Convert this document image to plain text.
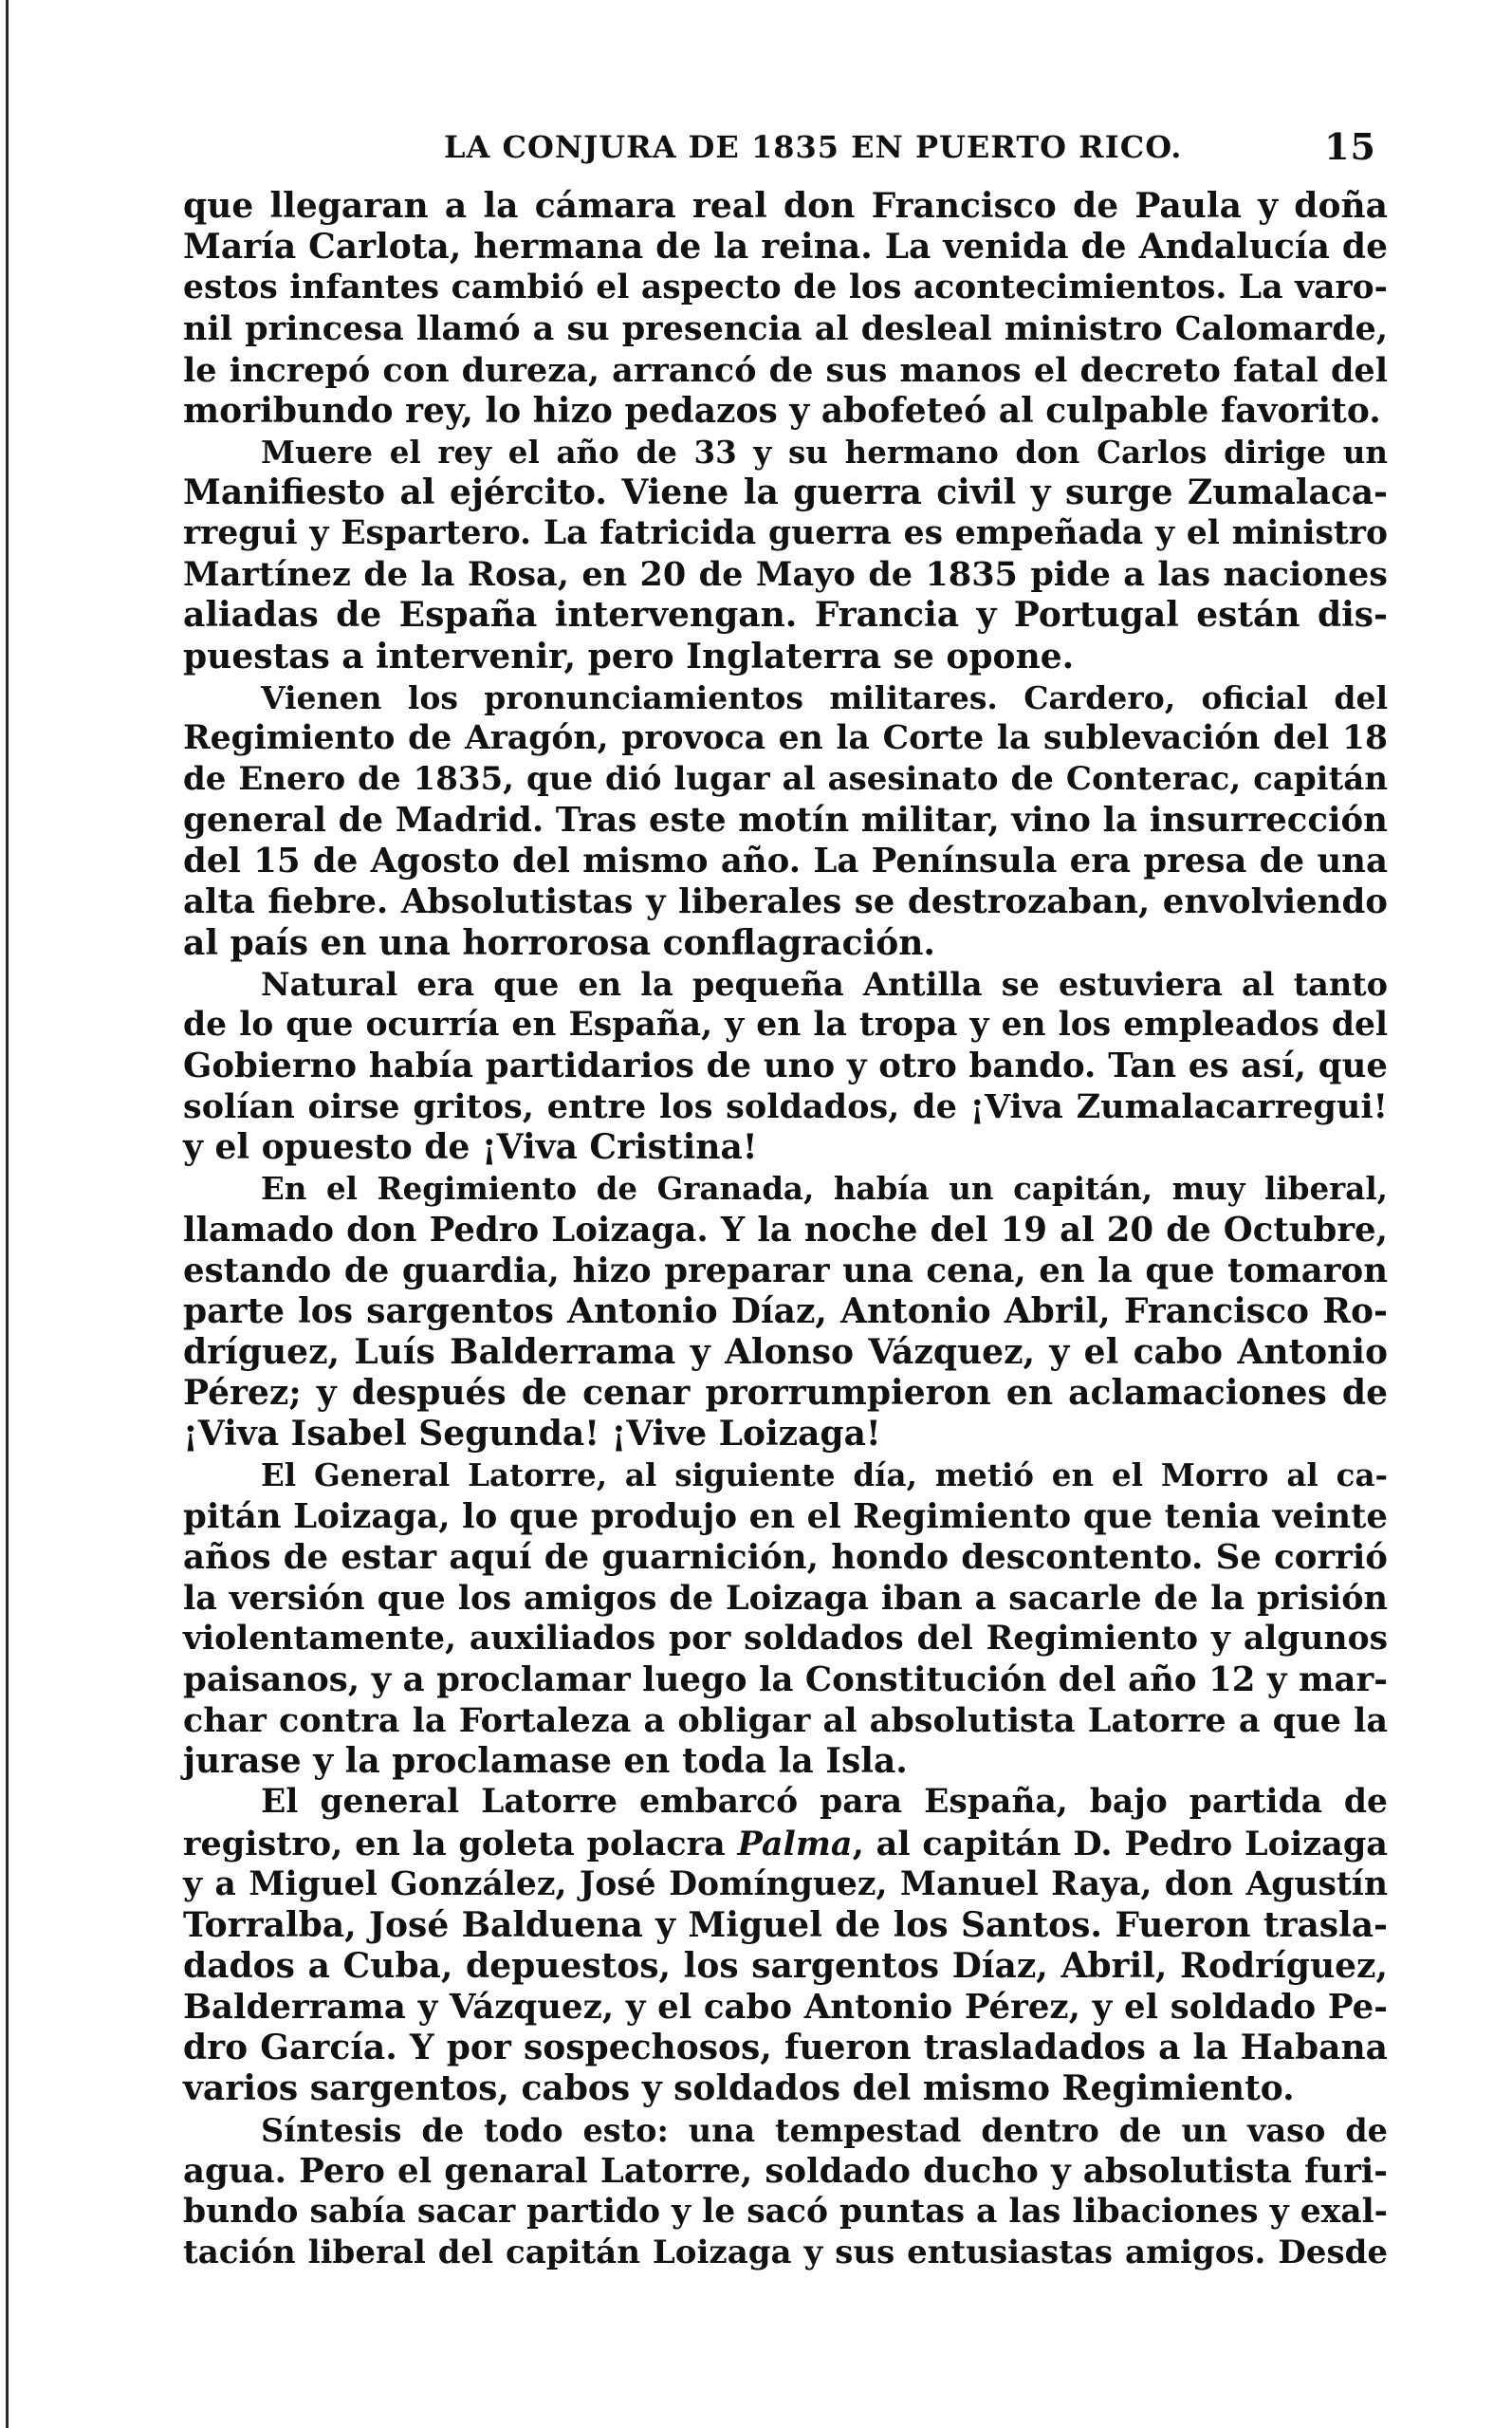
LA CONJURA DE 1835 EN PUERTO RICO.	15
que llegaran a la cámara real don Francisco de Paula y doña
María Carlota, hermana de la reina. La venida de Andalucía de
estos infantes cambió el aspecto de los acontecimientos. La varo-
nil princesa llamó a su presencia al desleal ministro Calomarde,
le increpó con dureza, arrancó de sus manos el decreto fatal del
moribundo rey, lo hizo pedazos y abofeteó al culpable favorito.
Muere el rey el año de 33 y su hermano don Carlos dirige un
Manifiesto al ejército. Viene la guerra civil y surge Zumalaca-
rregui y Espartero. La fatricida guerra es empeñada y el ministro
Martínez de la Rosa, en 20 de Mayo de 1835 pide a las naciones
aliadas de España intervengan. Francia y Portugal están dis-
puestas a intervenir, pero Inglaterra se opone.
Vienen los pronunciamientos militares. Cardero, oficial del
Regimiento de Aragón, provoca en la Corte la sublevación del 18
de Enero de 1835, que dió lugar al asesinato de Conterac, capitán
general de Madrid. Tras este motín militar, vino la insurrección
del 15 de Agosto del mismo año. La Península era presa de una
alta fiebre. Absolutistas y liberales se destrozaban, envolviendo
al país en una horrorosa conflagración.
Natural era que en la pequeña Antilla se estuviera al tanto
de lo que ocurría en España, y en la tropa y en los empleados del
Gobierno había partidarios de uno y otro bando. Tan es así, que
solían oirse gritos, entre los soldados, de ¡Viva Zumalacarregui!
y el opuesto de ¡Viva Cristina!
En el Regimiento de Granada, había un capitán, muy liberal,
llamado don Pedro Loizaga. Y la noche del 19 al 20 de Octubre,
estando de guardia, hizo preparar una cena, en la que tomaron
parte los sargentos Antonio Díaz, Antonio Abril, Francisco Ro-
dríguez, Luís Balderrama y Alonso Vázquez, y el cabo Antonio
Pérez; y después de cenar prorrumpieron en aclamaciones de
¡Viva Isabel Segunda! ¡Vive Loizaga!
El General Latorre, al siguiente día, metió en el Morro al ca-
pitán Loizaga, lo que produjo en el Regimiento que tenia veinte
años de estar aquí de guarnición, hondo descontento. Se corrió
la versión que los amigos de Loizaga iban a sacarle de la prisión
violentamente, auxiliados por soldados del Regimiento y algunos
paisanos, y a proclamar luego la Constitución del año 12 y mar-
char contra la Fortaleza a obligar al absolutista Latorre a que la
jurase y la proclamase en toda la Isla.
El general Latorre embarcó para España, bajo partida de
registro, en la goleta polacra Palma, al capitán D. Pedro Loizaga
y a Miguel González, José Domínguez, Manuel Raya, don Agustín
Torralba, José Balduena y Miguel de los Santos. Fueron trasla-
dados a Cuba, depuestos, los sargentos Díaz, Abril, Rodríguez,
Balderrama y Vázquez, y el cabo Antonio Pérez, y el soldado Pe-
dro García. Y por sospechosos, fueron trasladados a la Habana
varios sargentos, cabos y soldados del mismo Regimiento.
Síntesis de todo esto: una tempestad dentro de un vaso de
agua. Pero el genaral Latorre, soldado ducho y absolutista furi-
bundo sabía sacar partido y le sacó puntas a las libaciones y exal-
tación liberal del capitán Loizaga y sus entusiastas amigos. Desde
